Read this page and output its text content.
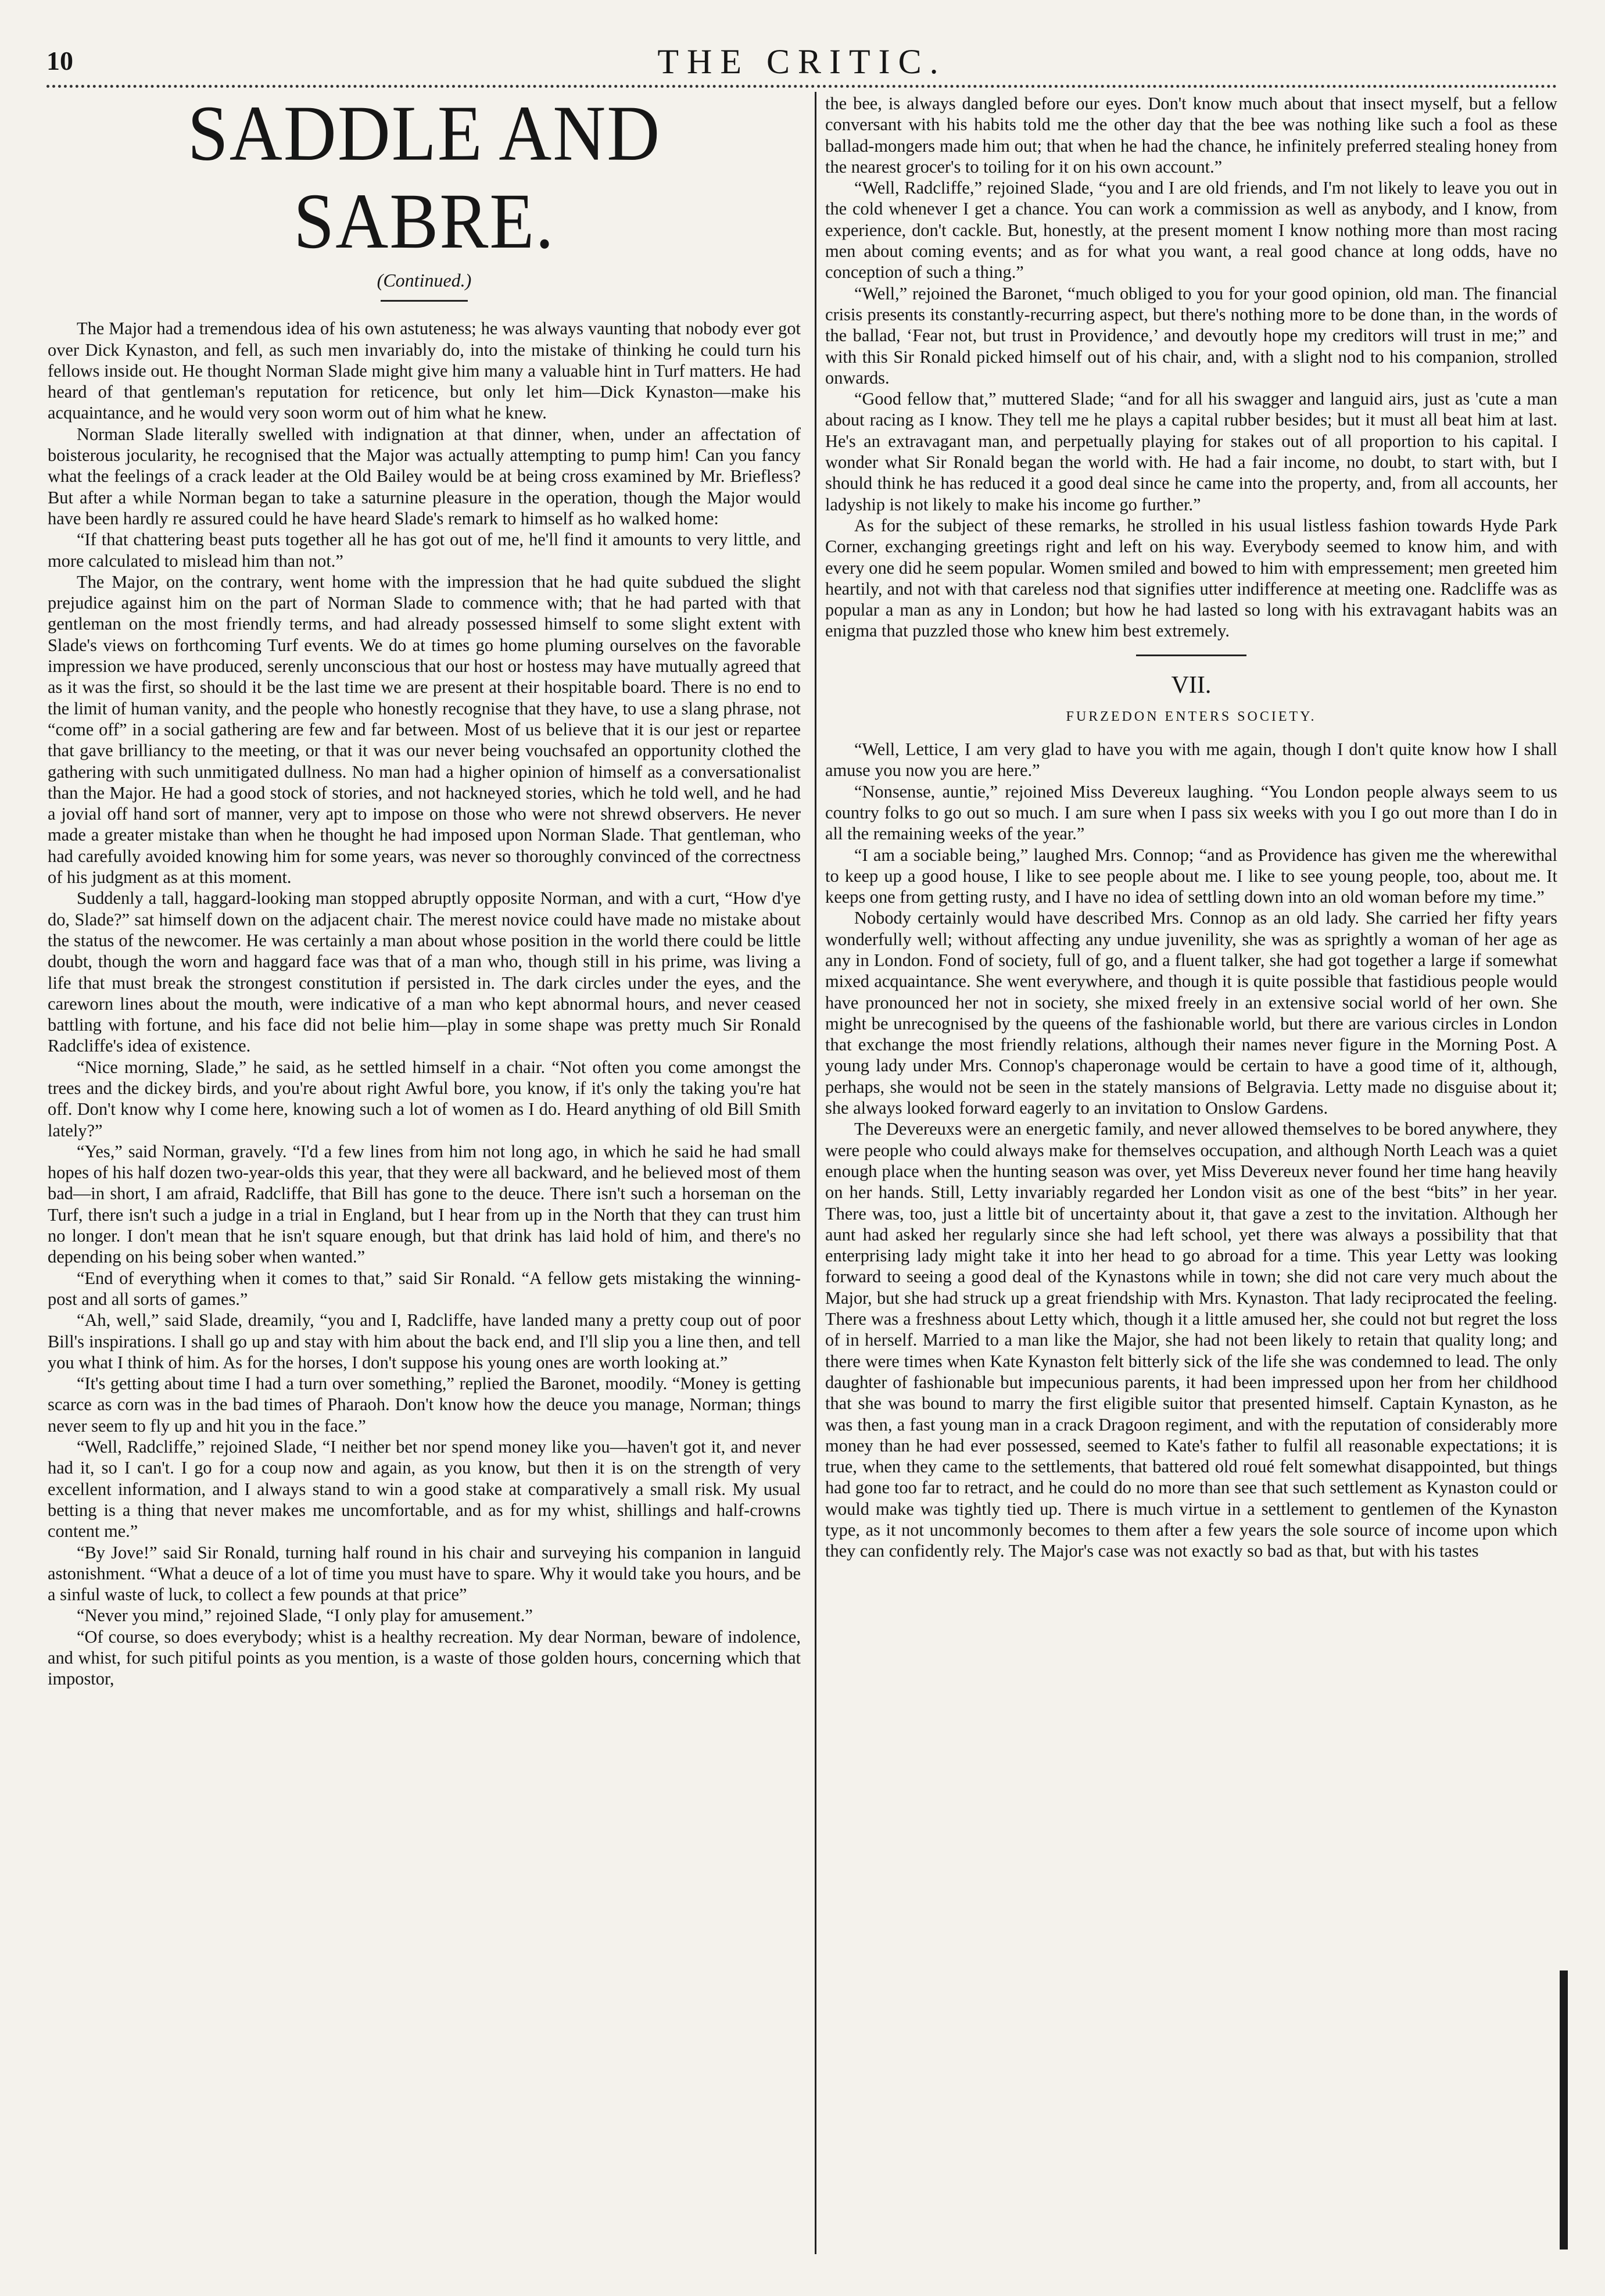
10	THE CRITIC.
SADDLE AND SABRE.
(Continued.)

The Major had a tremendous idea of his own astuteness; he was always vaunting that nobody ever got over Dick Kynaston, and fell, as such men invariably do, into the mistake of thinking he could turn his fellows inside out. He thought Norman Slade might give him many a valuable hint in Turf matters. He had heard of that gentleman's reputation for reticence, but only let him—Dick Kynaston—make his acquaintance, and he would very soon worm out of him what he knew.

Norman Slade literally swelled with indignation at that dinner, when, under an affectation of boisterous jocularity, he recognised that the Major was actually attempting to pump him! Can you fancy what the feelings of a crack leader at the Old Bailey would be at being cross examined by Mr. Briefless? But after a while Norman began to take a saturnine pleasure in the operation, though the Major would have been hardly re assured could he have heard Slade's remark to himself as ho walked home:

“If that chattering beast puts together all he has got out of me, he'll find it amounts to very little, and more calculated to mislead him than not.”

The Major, on the contrary, went home with the impression that he had quite subdued the slight prejudice against him on the part of Norman Slade to commence with; that he had parted with that gentleman on the most friendly terms, and had already possessed himself to some slight extent with Slade's views on forthcoming Turf events. We do at times go home pluming ourselves on the favorable impression we have produced, serenly unconscious that our host or hostess may have mutually agreed that as it was the first, so should it be the last time we are present at their hospitable board. There is no end to the limit of human vanity, and the people who honestly recognise that they have, to use a slang phrase, not “come off” in a social gathering are few and far between. Most of us believe that it is our jest or repartee that gave brilliancy to the meeting, or that it was our never being vouchsafed an opportunity clothed the gathering with such unmitigated dullness. No man had a higher opinion of himself as a conversationalist than the Major. He had a good stock of stories, and not hackneyed stories, which he told well, and he had a jovial off hand sort of manner, very apt to impose on those who were not shrewd observers. He never made a greater mistake than when he thought he had imposed upon Norman Slade. That gentleman, who had carefully avoided knowing him for some years, was never so thoroughly convinced of the correctness of his judgment as at this moment.

Suddenly a tall, haggard-looking man stopped abruptly opposite Norman, and with a curt, “How d'ye do, Slade?” sat himself down on the adjacent chair. The merest novice could have made no mistake about the status of the newcomer. He was certainly a man about whose position in the world there could be little doubt, though the worn and haggard face was that of a man who, though still in his prime, was living a life that must break the strongest constitution if persisted in. The dark circles under the eyes, and the careworn lines about the mouth, were indicative of a man who kept abnormal hours, and never ceased battling with fortune, and his face did not belie him—play in some shape was pretty much Sir Ronald Radcliffe's idea of existence.

“Nice morning, Slade,” he said, as he settled himself in a chair. “Not often you come amongst the trees and the dickey birds, and you're about right Awful bore, you know, if it's only the taking you're hat off. Don't know why I come here, knowing such a lot of women as I do. Heard anything of old Bill Smith lately?”

“Yes,” said Norman, gravely. “I'd a few lines from him not long ago, in which he said he had small hopes of his half dozen two-year-olds this year, that they were all backward, and he believed most of them bad—in short, I am afraid, Radcliffe, that Bill has gone to the deuce. There isn't such a horseman on the Turf, there isn't such a judge in a trial in England, but I hear from up in the North that they can trust him no longer. I don't mean that he isn't square enough, but that drink has laid hold of him, and there's no depending on his being sober when wanted.”

“End of everything when it comes to that,” said Sir Ronald. “A fellow gets mistaking the winning-post and all sorts of games.”

“Ah, well,” said Slade, dreamily, “you and I, Radcliffe, have landed many a pretty coup out of poor Bill's inspirations. I shall go up and stay with him about the back end, and I'll slip you a line then, and tell you what I think of him. As for the horses, I don't suppose his young ones are worth looking at.”

“It's getting about time I had a turn over something,” replied the Baronet, moodily. “Money is getting scarce as corn was in the bad times of Pharaoh. Don't know how the deuce you manage, Norman; things never seem to fly up and hit you in the face.”

“Well, Radcliffe,” rejoined Slade, “I neither bet nor spend money like you—haven't got it, and never had it, so I can't. I go for a coup now and again, as you know, but then it is on the strength of very excellent information, and I always stand to win a good stake at comparatively a small risk. My usual betting is a thing that never makes me uncomfortable, and as for my whist, shillings and half-crowns content me.”

“By Jove!” said Sir Ronald, turning half round in his chair and surveying his companion in languid astonishment. “What a deuce of a lot of time you must have to spare. Why it would take you hours, and be a sinful waste of luck, to collect a few pounds at that price”

“Never you mind,” rejoined Slade, “I only play for amusement.”

“Of course, so does everybody; whist is a healthy recreation. My dear Norman, beware of indolence, and whist, for such pitiful points as you mention, is a waste of those golden hours, concerning which that impostor,

the bee, is always dangled before our eyes. Don't know much about that insect myself, but a fellow conversant with his habits told me the other day that the bee was nothing like such a fool as these ballad-mongers made him out; that when he had the chance, he infinitely preferred stealing honey from the nearest grocer's to toiling for it on his own account.”

“Well, Radcliffe,” rejoined Slade, “you and I are old friends, and I'm not likely to leave you out in the cold whenever I get a chance. You can work a commission as well as anybody, and I know, from experience, don't cackle. But, honestly, at the present moment I know nothing more than most racing men about coming events; and as for what you want, a real good chance at long odds, have no conception of such a thing.”

“Well,” rejoined the Baronet, “much obliged to you for your good opinion, old man. The financial crisis presents its constantly-recurring aspect, but there's nothing more to be done than, in the words of the ballad, ‘Fear not, but trust in Providence,’ and devoutly hope my creditors will trust in me;” and with this Sir Ronald picked himself out of his chair, and, with a slight nod to his companion, strolled onwards.

“Good fellow that,” muttered Slade; “and for all his swagger and languid airs, just as 'cute a man about racing as I know. They tell me he plays a capital rubber besides; but it must all beat him at last. He's an extravagant man, and perpetually playing for stakes out of all proportion to his capital. I wonder what Sir Ronald began the world with. He had a fair income, no doubt, to start with, but I should think he has reduced it a good deal since he came into the property, and, from all accounts, her ladyship is not likely to make his income go further.”

As for the subject of these remarks, he strolled in his usual listless fashion towards Hyde Park Corner, exchanging greetings right and left on his way. Everybody seemed to know him, and with every one did he seem popular. Women smiled and bowed to him with empressement; men greeted him heartily, and not with that careless nod that signifies utter indifference at meeting one. Radcliffe was as popular a man as any in London; but how he had lasted so long with his extravagant habits was an enigma that puzzled those who knew him best extremely.

VII.
FURZEDON ENTERS SOCIETY.

“Well, Lettice, I am very glad to have you with me again, though I don't quite know how I shall amuse you now you are here.”

“Nonsense, auntie,” rejoined Miss Devereux laughing. “You London people always seem to us country folks to go out so much. I am sure when I pass six weeks with you I go out more than I do in all the remaining weeks of the year.”

“I am a sociable being,” laughed Mrs. Connop; “and as Providence has given me the wherewithal to keep up a good house, I like to see people about me. I like to see young people, too, about me. It keeps one from getting rusty, and I have no idea of settling down into an old woman before my time.”

Nobody certainly would have described Mrs. Connop as an old lady. She carried her fifty years wonderfully well; without affecting any undue juvenility, she was as sprightly a woman of her age as any in London. Fond of society, full of go, and a fluent talker, she had got together a large if somewhat mixed acquaintance. She went everywhere, and though it is quite possible that fastidious people would have pronounced her not in society, she mixed freely in an extensive social world of her own. She might be unrecognised by the queens of the fashionable world, but there are various circles in London that exchange the most friendly relations, although their names never figure in the Morning Post. A young lady under Mrs. Connop's chaperonage would be certain to have a good time of it, although, perhaps, she would not be seen in the stately mansions of Belgravia. Letty made no disguise about it; she always looked forward eagerly to an invitation to Onslow Gardens.

The Devereuxs were an energetic family, and never allowed themselves to be bored anywhere, they were people who could always make for themselves occupation, and although North Leach was a quiet enough place when the hunting season was over, yet Miss Devereux never found her time hang heavily on her hands. Still, Letty invariably regarded her London visit as one of the best “bits” in her year. There was, too, just a little bit of uncertainty about it, that gave a zest to the invitation. Although her aunt had asked her regularly since she had left school, yet there was always a possibility that that enterprising lady might take it into her head to go abroad for a time. This year Letty was looking forward to seeing a good deal of the Kynastons while in town; she did not care very much about the Major, but she had struck up a great friendship with Mrs. Kynaston. That lady reciprocated the feeling. There was a freshness about Letty which, though it a little amused her, she could not but regret the loss of in herself. Married to a man like the Major, she had not been likely to retain that quality long; and there were times when Kate Kynaston felt bitterly sick of the life she was condemned to lead. The only daughter of fashionable but impecunious parents, it had been impressed upon her from her childhood that she was bound to marry the first eligible suitor that presented himself. Captain Kynaston, as he was then, a fast young man in a crack Dragoon regiment, and with the reputation of considerably more money than he had ever possessed, seemed to Kate's father to fulfil all reasonable expectations; it is true, when they came to the settlements, that battered old roué felt somewhat disappointed, but things had gone too far to retract, and he could do no more than see that such settlement as Kynaston could or would make was tightly tied up. There is much virtue in a settlement to gentlemen of the Kynaston type, as it not uncommonly becomes to them after a few years the sole source of income upon which they can confidently rely. The Major's case was not exactly so bad as that, but with his tastes
